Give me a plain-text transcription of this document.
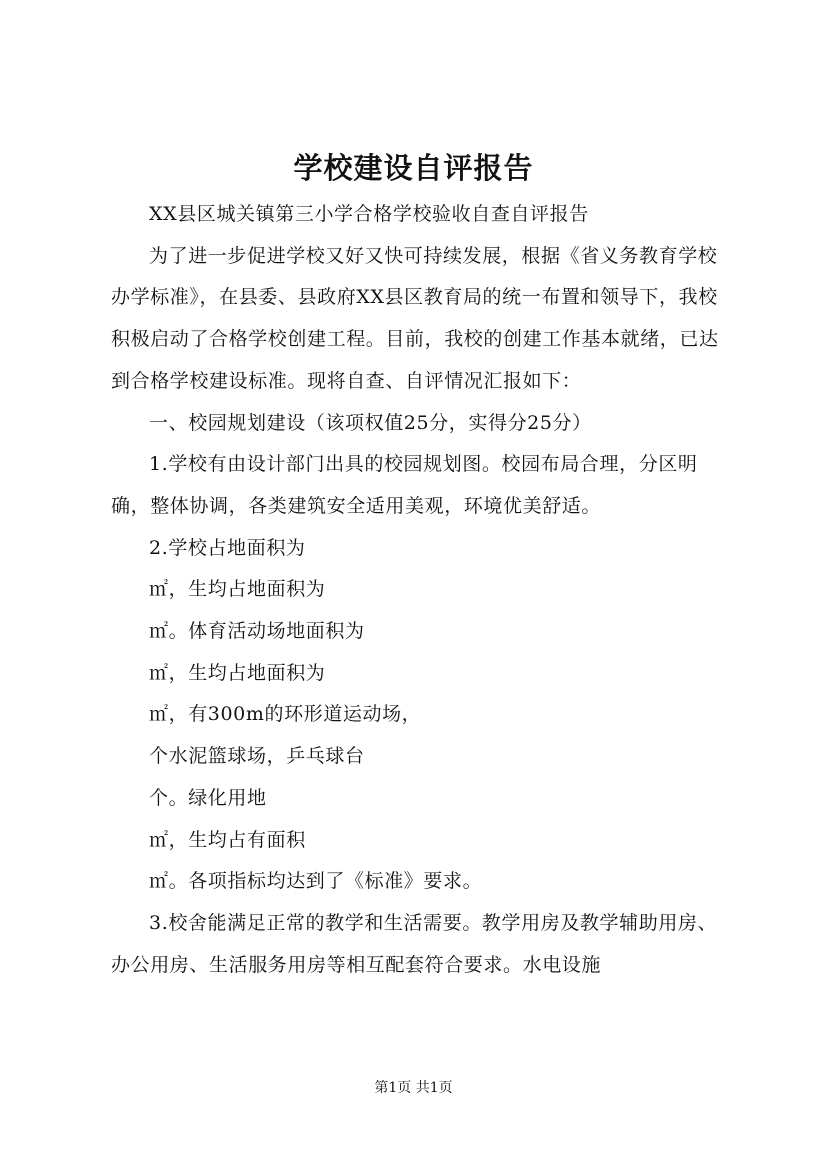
学校建设自评报告

XX县区城关镇第三小学合格学校验收自查自评报告

为了进一步促进学校又好又快可持续发展，根据《省义务教育学校办学标准》，在县委、县政府XX县区教育局的统一布置和领导下，我校积极启动了合格学校创建工程。目前，我校的创建工作基本就绪，已达到合格学校建设标准。现将自查、自评情况汇报如下：

一、校园规划建设（该项权值25分，实得分25分）

1.学校有由设计部门出具的校园规划图。校园布局合理，分区明确，整体协调，各类建筑安全适用美观，环境优美舒适。

2.学校占地面积为

㎡，生均占地面积为

㎡。体育活动场地面积为

㎡，生均占地面积为

㎡，有300m的环形道运动场，

个水泥篮球场，乒乓球台

个。绿化用地

㎡，生均占有面积

㎡。各项指标均达到了《标准》要求。

3.校舍能满足正常的教学和生活需要。教学用房及教学辅助用房、办公用房、生活服务用房等相互配套符合要求。水电设施

第1页 共1页
